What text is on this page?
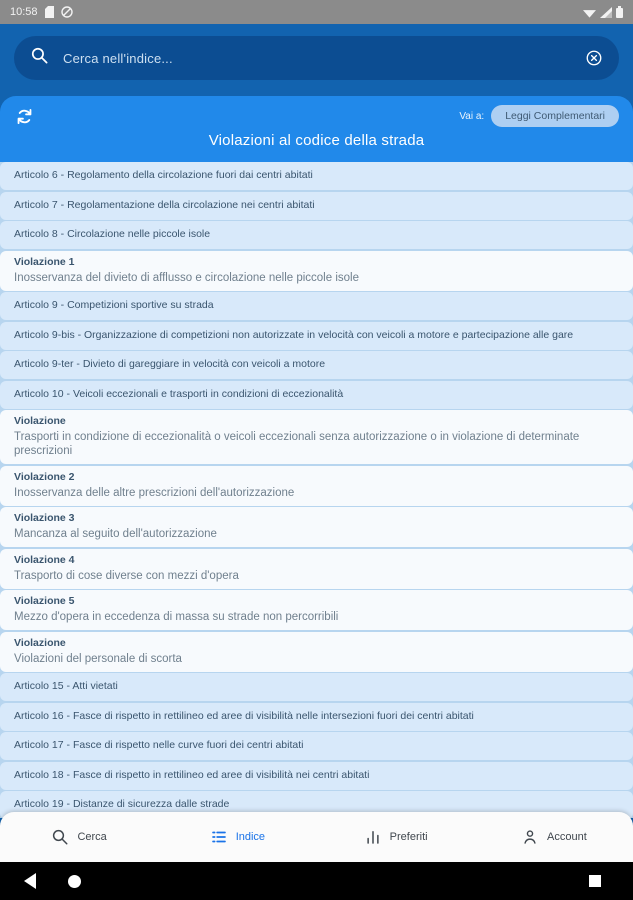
10:58
Cerca nell'indice...
Vai a:	Leggi Complementari
Violazioni al codice della strada
Articolo 6 - Regolamento della circolazione fuori dai centri abitati
Articolo 7 - Regolamentazione della circolazione nei centri abitati
Articolo 8 - Circolazione nelle piccole isole
Violazione 1
Inosservanza del divieto di afflusso e circolazione nelle piccole isole
Articolo 9 - Competizioni sportive su strada
Articolo 9-bis - Organizzazione di competizioni non autorizzate in velocità con veicoli a motore e partecipazione alle gare
Articolo 9-ter - Divieto di gareggiare in velocità con veicoli a motore
Articolo 10 - Veicoli eccezionali e trasporti in condizioni di eccezionalità
Violazione
Trasporti in condizione di eccezionalità o veicoli eccezionali senza autorizzazione o in violazione di determinate prescrizioni
Violazione 2
Inosservanza delle altre prescrizioni dell'autorizzazione
Violazione 3
Mancanza al seguito dell'autorizzazione
Violazione 4
Trasporto di cose diverse con mezzi d'opera
Violazione 5
Mezzo d'opera in eccedenza di massa su strade non percorribili
Violazione
Violazioni del personale di scorta
Articolo 15 - Atti vietati
Articolo 16 - Fasce di rispetto in rettilineo ed aree di visibilità nelle intersezioni fuori dei centri abitati
Articolo 17 - Fasce di rispetto nelle curve fuori dei centri abitati
Articolo 18 - Fasce di rispetto in rettilineo ed aree di visibilità nei centri abitati
Articolo 19 - Distanze di sicurezza dalle strade
Cerca	Indice	Preferiti	Account
